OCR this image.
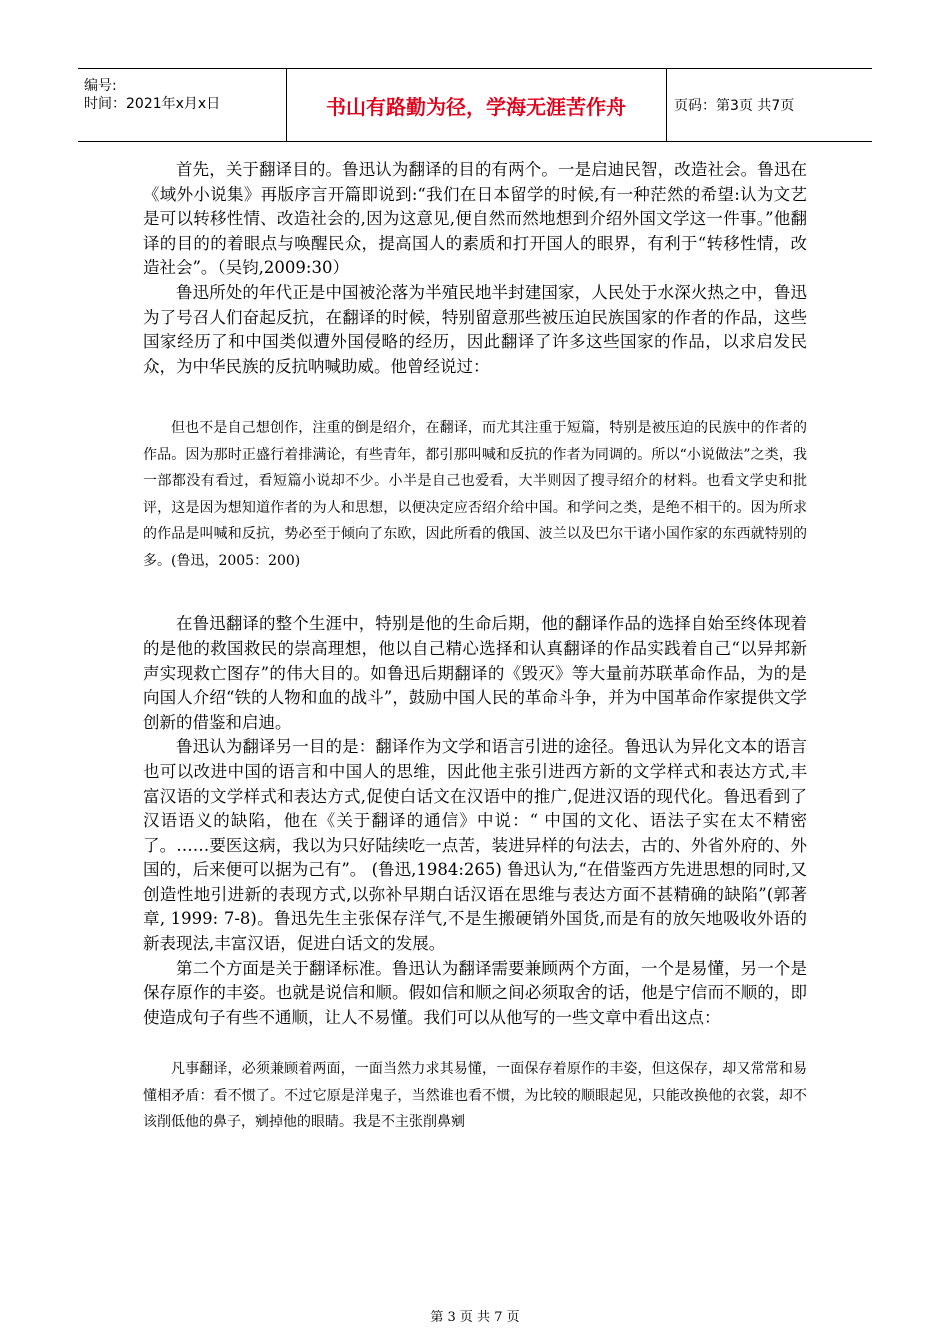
编号:
时间：2021年x月x日	书山有路勤为径，学海无涯苦作舟	页码：第3页 共7页

首先，关于翻译目的。鲁迅认为翻译的目的有两个。一是启迪民智，改造社会。鲁迅在《域外小说集》再版序言开篇即说到:“我们在日本留学的时候,有一种茫然的希望:认为文艺是可以转移性情、改造社会的,因为这意见,便自然而然地想到介绍外国文学这一件事。”他翻译的目的的着眼点与唤醒民众，提高国人的素质和打开国人的眼界，有利于“转移性情，改造社会”。（吴钧,2009:30）

鲁迅所处的年代正是中国被沦落为半殖民地半封建国家，人民处于水深火热之中，鲁迅为了号召人们奋起反抗，在翻译的时候，特别留意那些被压迫民族国家的作者的作品，这些国家经历了和中国类似遭外国侵略的经历，因此翻译了许多这些国家的作品，以求启发民众，为中华民族的反抗呐喊助威。他曾经说过：

但也不是自己想创作，注重的倒是绍介，在翻译，而尤其注重于短篇，特别是被压迫的民族中的作者的作品。因为那时正盛行着排满论，有些青年，都引那叫喊和反抗的作者为同调的。所以“小说做法”之类，我一部都没有看过，看短篇小说却不少。小半是自己也爱看，大半则因了搜寻绍介的材料。也看文学史和批评，这是因为想知道作者的为人和思想，以便决定应否绍介给中国。和学问之类，是绝不相干的。因为所求的作品是叫喊和反抗，势必至于倾向了东欧，因此所看的俄国、波兰以及巴尔干诸小国作家的东西就特别的多。(鲁迅，2005：200)

在鲁迅翻译的整个生涯中，特别是他的生命后期，他的翻译作品的选择自始至终体现着的是他的救国救民的崇高理想，他以自己精心选择和认真翻译的作品实践着自己“以异邦新声实现救亡图存”的伟大目的。如鲁迅后期翻译的《毁灭》等大量前苏联革命作品，为的是向国人介绍“铁的人物和血的战斗”，鼓励中国人民的革命斗争，并为中国革命作家提供文学创新的借鉴和启迪。

鲁迅认为翻译另一目的是：翻译作为文学和语言引进的途径。鲁迅认为异化文本的语言也可以改进中国的语言和中国人的思维，因此他主张引进西方新的文学样式和表达方式,丰富汉语的文学样式和表达方式,促使白话文在汉语中的推广,促进汉语的现代化。鲁迅看到了汉语语义的缺陷，他在《关于翻译的通信》中说：“ 中国的文化、语法子实在太不精密了。……要医这病，我以为只好陆续吃一点苦，装进异样的句法去，古的、外省外府的、外国的，后来便可以据为己有”。 (鲁迅,1984:265) 鲁迅认为,“在借鉴西方先进思想的同时,又创造性地引进新的表现方式,以弥补早期白话汉语在思维与表达方面不甚精确的缺陷”(郭著章, 1999: 7-8)。鲁迅先生主张保存洋气,不是生搬硬销外国货,而是有的放矢地吸收外语的新表现法,丰富汉语，促进白话文的发展。

第二个方面是关于翻译标准。鲁迅认为翻译需要兼顾两个方面，一个是易懂，另一个是保存原作的丰姿。也就是说信和顺。假如信和顺之间必须取舍的话，他是宁信而不顺的，即使造成句子有些不通顺，让人不易懂。我们可以从他写的一些文章中看出这点：

凡事翻译，必须兼顾着两面，一面当然力求其易懂，一面保存着原作的丰姿，但这保存，却又常常和易懂相矛盾：看不惯了。不过它原是洋鬼子，当然谁也看不惯，为比较的顺眼起见，只能改换他的衣裳，却不该削低他的鼻子，剜掉他的眼睛。我是不主张削鼻剜

第 3 页 共 7 页
